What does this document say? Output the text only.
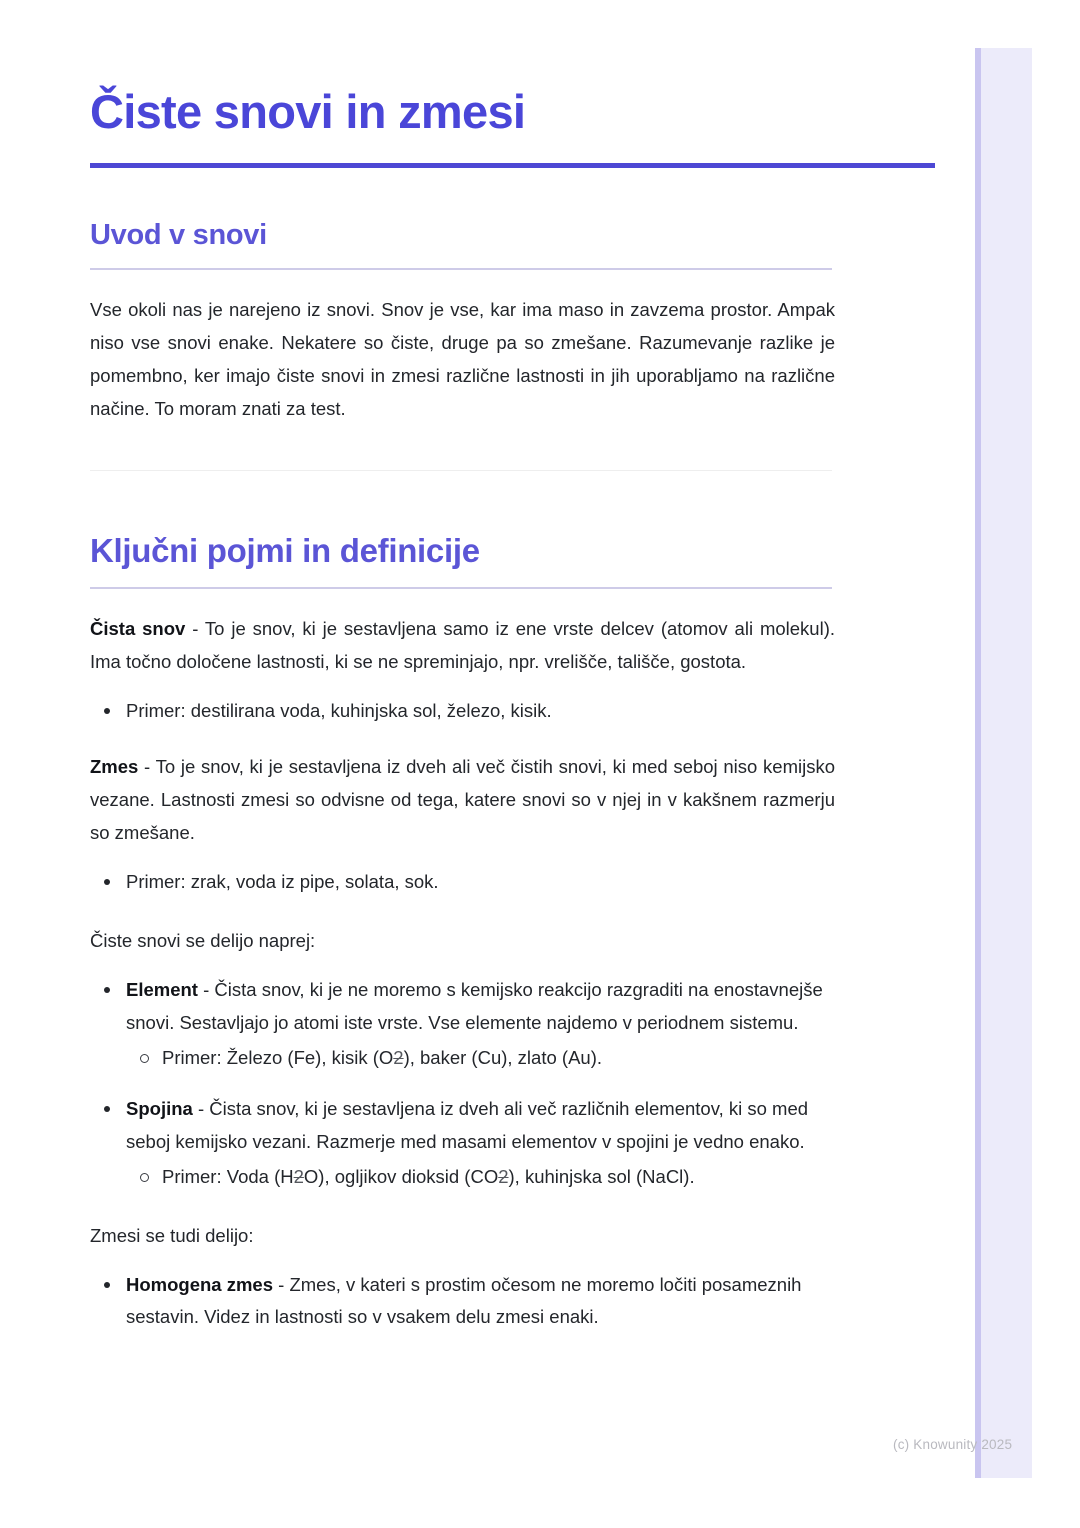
Čiste snovi in zmesi
Uvod v snovi

Vse okoli nas je narejeno iz snovi. Snov je vse, kar ima maso in zavzema prostor. Ampak niso vse snovi enake. Nekatere so čiste, druge pa so zmešane. Razumevanje razlike je pomembno, ker imajo čiste snovi in zmesi različne lastnosti in jih uporabljamo na različne načine. To moram znati za test.

Ključni pojmi in definicije

Čista snov - To je snov, ki je sestavljena samo iz ene vrste delcev (atomov ali molekul). Ima točno določene lastnosti, ki se ne spreminjajo, npr. vrelišče, tališče, gostota.

Primer: destilirana voda, kuhinjska sol, železo, kisik.

Zmes - To je snov, ki je sestavljena iz dveh ali več čistih snovi, ki med seboj niso kemijsko vezane. Lastnosti zmesi so odvisne od tega, katere snovi so v njej in v kakšnem razmerju so zmešane.

Primer: zrak, voda iz pipe, solata, sok.

Čiste snovi se delijo naprej:

Element - Čista snov, ki je ne moremo s kemijsko reakcijo razgraditi na enostavnejše snovi. Sestavljajo jo atomi iste vrste. Vse elemente najdemo v periodnem sistemu.
Primer: Železo (Fe), kisik (O2), baker (Cu), zlato (Au).
Spojina - Čista snov, ki je sestavljena iz dveh ali več različnih elementov, ki so med seboj kemijsko vezani. Razmerje med masami elementov v spojini je vedno enako.
Primer: Voda (H2O), ogljikov dioksid (CO2), kuhinjska sol (NaCl).

Zmesi se tudi delijo:

Homogena zmes - Zmes, v kateri s prostim očesom ne moremo ločiti posameznih sestavin. Videz in lastnosti so v vsakem delu zmesi enaki.
(c) Knowunity 2025
